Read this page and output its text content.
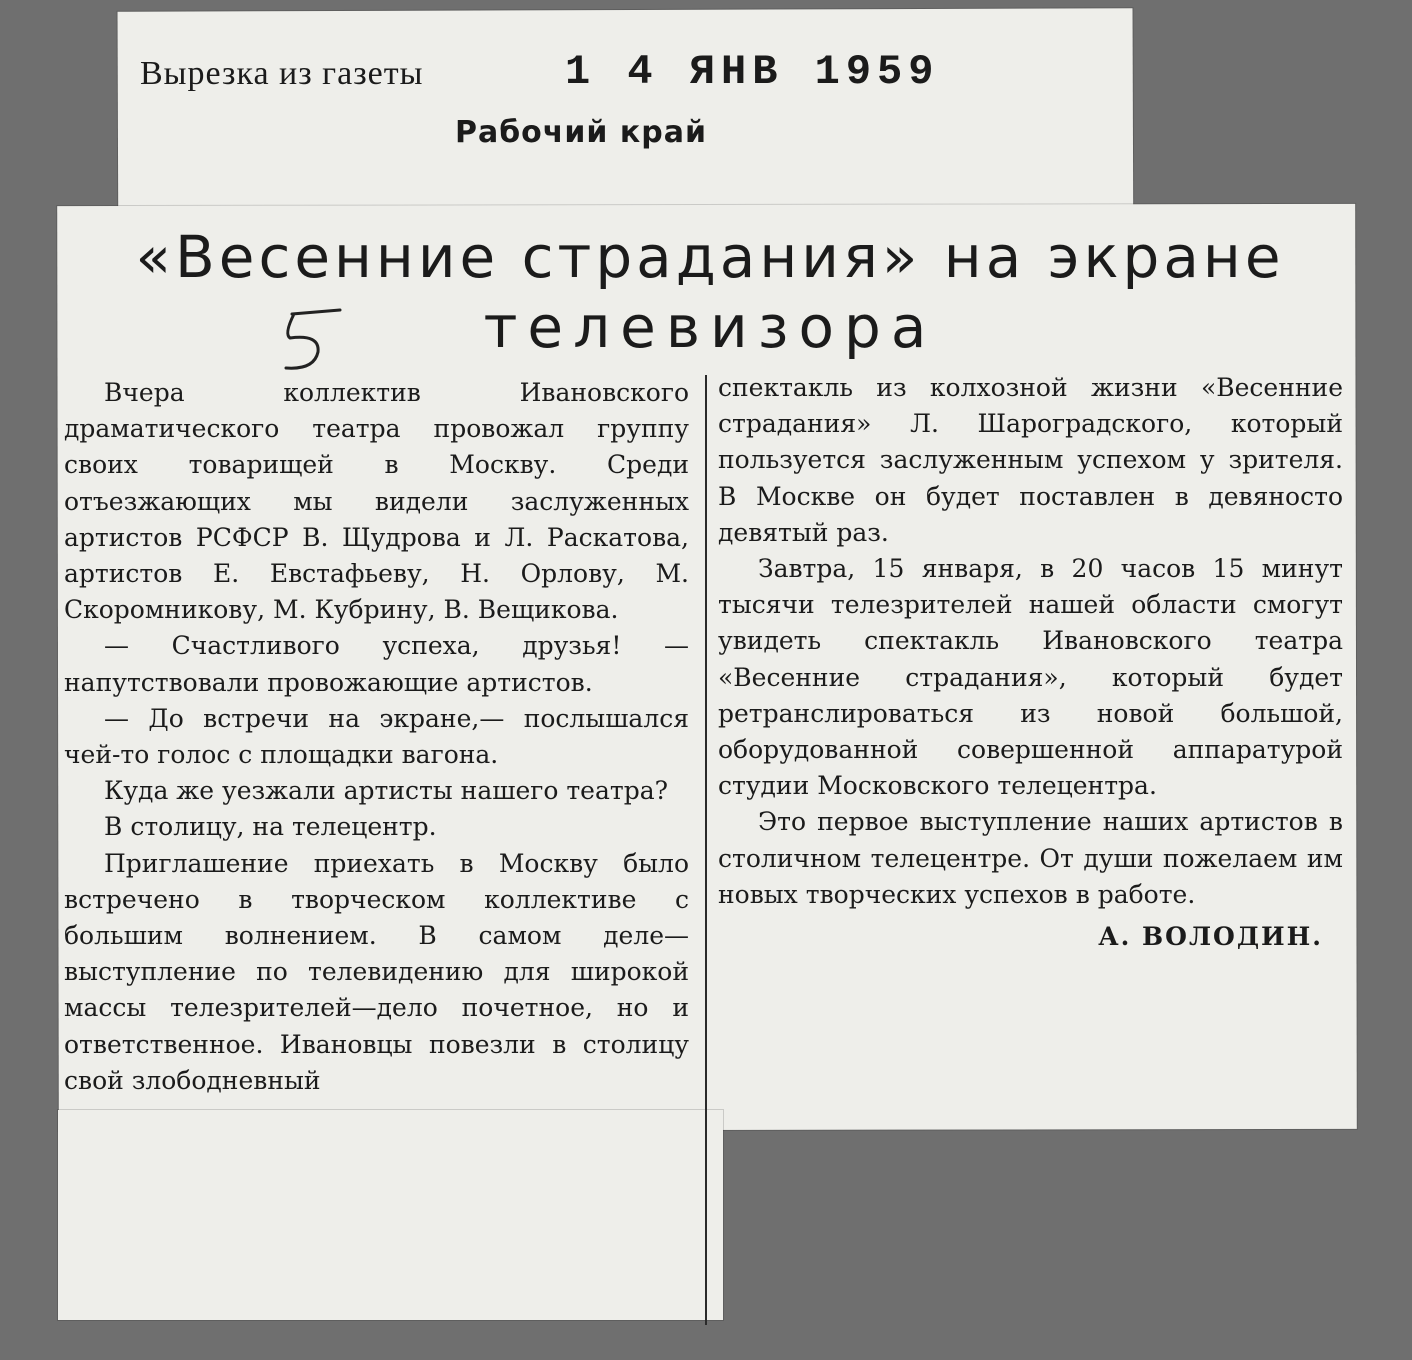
Вырезка из газеты	1 4 ЯНВ 1959
Рабочий край
«Весенние страдания» на экране
телевизора

Вчера коллектив Ивановского драматического театра провожал группу своих товарищей в Москву. Среди отъезжающих мы видели заслуженных артистов РСФСР В. Щудрова и Л. Раскатова, артистов Е. Евстафьеву, Н. Орлову, М. Скоромникову, М. Кубрину, В. Вещикова.

— Счастливого успеха, друзья! — напутствовали провожающие артистов.

— До встречи на экране,— послышался чей-то голос с площадки вагона.

Куда же уезжали артисты нашего театра?

В столицу, на телецентр.

Приглашение приехать в Москву было встречено в творческом коллективе с большим волнением. В самом деле—выступление по телевидению для широкой массы телезрителей—дело почетное, но и ответственное. Ивановцы повезли в столицу свой злободневный

спектакль из колхозной жизни «Весенние страдания» Л. Шароградского, который пользуется заслуженным успехом у зрителя. В Москве он будет поставлен в девяносто девятый раз.

Завтра, 15 января, в 20 часов 15 минут тысячи телезрителей нашей области смогут увидеть спектакль Ивановского театра «Весенние страдания», который будет ретранслироваться из новой большой, оборудованной совершенной аппаратурой студии Московского телецентра.

Это первое выступление наших артистов в столичном телецентре. От души пожелаем им новых творческих успехов в работе.

А. ВОЛОДИН.
